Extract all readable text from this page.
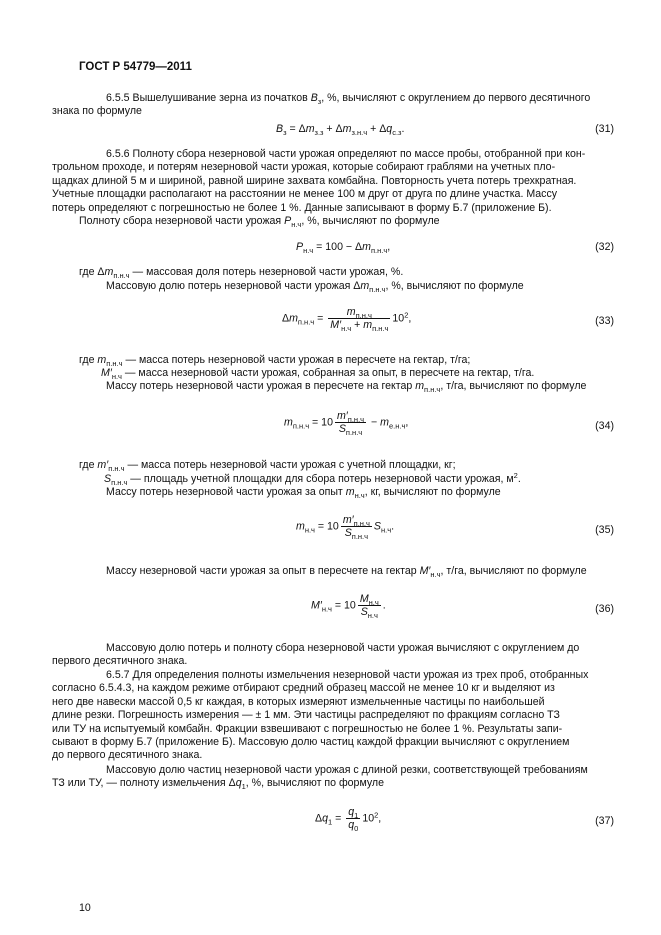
ГОСТ Р 54779—2011
6.5.5 Вышелушивание зерна из початков $B_з$, %, вычисляют с округлением до первого десятичного
знака по формуле
$B_з = \Delta m_{з.з} + \Delta m_{з.н.ч} + \Delta q_{с.з}$.	(31)
6.5.6 Полноту сбора незерновой части урожая определяют по массе пробы, отобранной при кон-
трольном проходе, и потерям незерновой части урожая, которые собирают граблями на учетных пло-
щадках длиной 5 м и шириной, равной ширине захвата комбайна. Повторность учета потерь трехкратная.
Учетные площадки располагают на расстоянии не менее 100 м друг от друга по длине участка. Массу
потерь определяют с погрешностью не более 1 %. Данные записывают в форму Б.7 (приложение Б).
Полноту сбора незерновой части урожая $P_{н.ч}$, %, вычисляют по формуле
$P_{н.ч} = 100 - \Delta m_{п.н.ч}$,	(32)
где $\Delta m_{п.н.ч}$ — массовая доля потерь незерновой части урожая, %.
Массовую долю потерь незерновой части урожая $\Delta m_{п.н.ч}$, %, вычисляют по формуле
$\Delta m_{п.н.ч} = \frac{m_{п.н.ч}}{M'_{н.ч} + m_{п.н.ч}} 10^2$,	(33)
где $m_{п.н.ч}$ — масса потерь незерновой части урожая в пересчете на гектар, т/га;
$M'_{н.ч}$ — масса незерновой части урожая, собранная за опыт, в пересчете на гектар, т/га.
Массу потерь незерновой части урожая в пересчете на гектар $m_{п.н.ч}$, т/га, вычисляют по формуле
$m_{п.н.ч} = 10 \frac{m'_{п.н.ч}}{S_{п.н.ч}} - m_{е.н.ч}$,	(34)
где $m'_{п.н.ч}$ — масса потерь незерновой части урожая с учетной площадки, кг;
$S_{п.н.ч}$ — площадь учетной площадки для сбора потерь незерновой части урожая, $м^2$.
Массу потерь незерновой части урожая за опыт $m_{н.ч}$, кг, вычисляют по формуле
$m_{н.ч} = 10 \frac{m'_{п.н.ч}}{S_{п.н.ч}} S_{н.ч}$.	(35)
Массу незерновой части урожая за опыт в пересчете на гектар $M'_{н.ч}$, т/га, вычисляют по формуле
$M'_{н.ч} = 10 \frac{M_{н.ч}}{S_{н.ч}}$ .	(36)
Массовую долю потерь и полноту сбора незерновой части урожая вычисляют с округлением до
первого десятичного знака.
6.5.7 Для определения полноты измельчения незерновой части урожая из трех проб, отобранных
согласно 6.5.4.3, на каждом режиме отбирают средний образец массой не менее 10 кг и выделяют из
него две навески массой 0,5 кг каждая, в которых измеряют измельченные частицы по наибольшей
длине резки. Погрешность измерения — ± 1 мм. Эти частицы распределяют по фракциям согласно ТЗ
или ТУ на испытуемый комбайн. Фракции взвешивают с погрешностью не более 1 %. Результаты запи-
сывают в форму Б.7 (приложение Б). Массовую долю частиц каждой фракции вычисляют с округлением
до первого десятичного знака.
Массовую долю частиц незерновой части урожая с длиной резки, соответствующей требованиям
ТЗ или ТУ, — полноту измельчения $\Delta q_1$, %, вычисляют по формуле
$\Delta q_1 = \frac{q_1}{q_0} 10^2$,	(37)
10
